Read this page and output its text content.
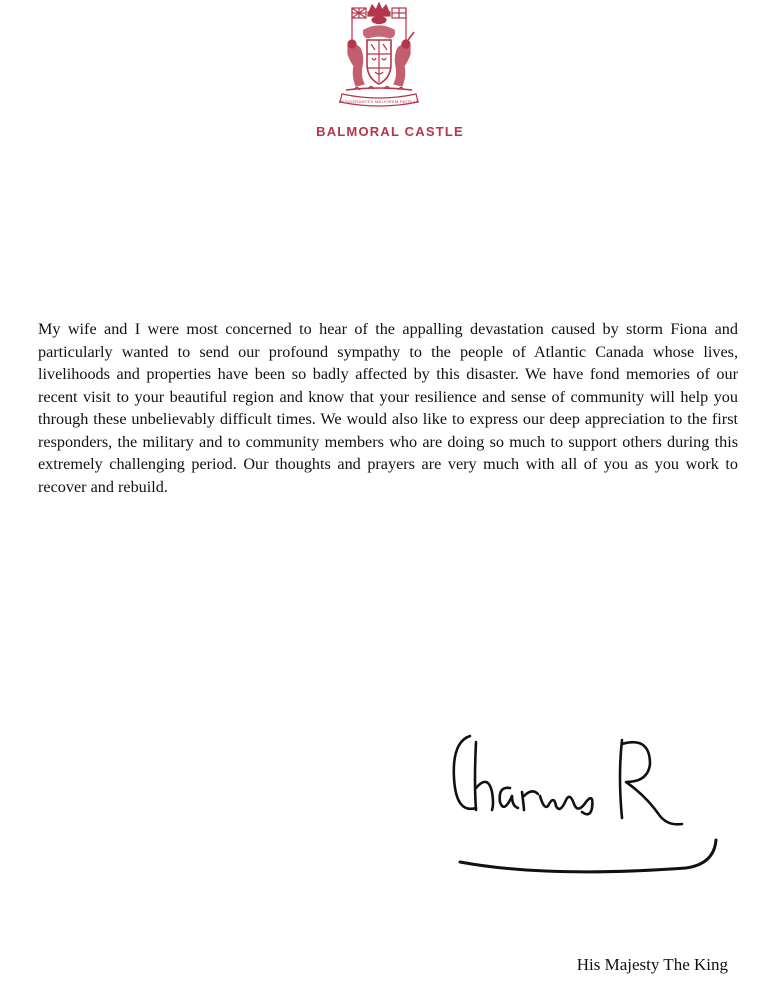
DESIDERANTES MELIOREM PATRIAM
BALMORAL CASTLE
My wife and I were most concerned to hear of the appalling devastation caused by storm Fiona and particularly wanted to send our profound sympathy to the people of Atlantic Canada whose lives, livelihoods and properties have been so badly affected by this disaster. We have fond memories of our recent visit to your beautiful region and know that your resilience and sense of community will help you through these unbelievably difficult times. We would also like to express our deep appreciation to the first responders, the military and to community members who are doing so much to support others during this extremely challenging period. Our thoughts and prayers are very much with all of you as you work to recover and rebuild.
His Majesty The King
